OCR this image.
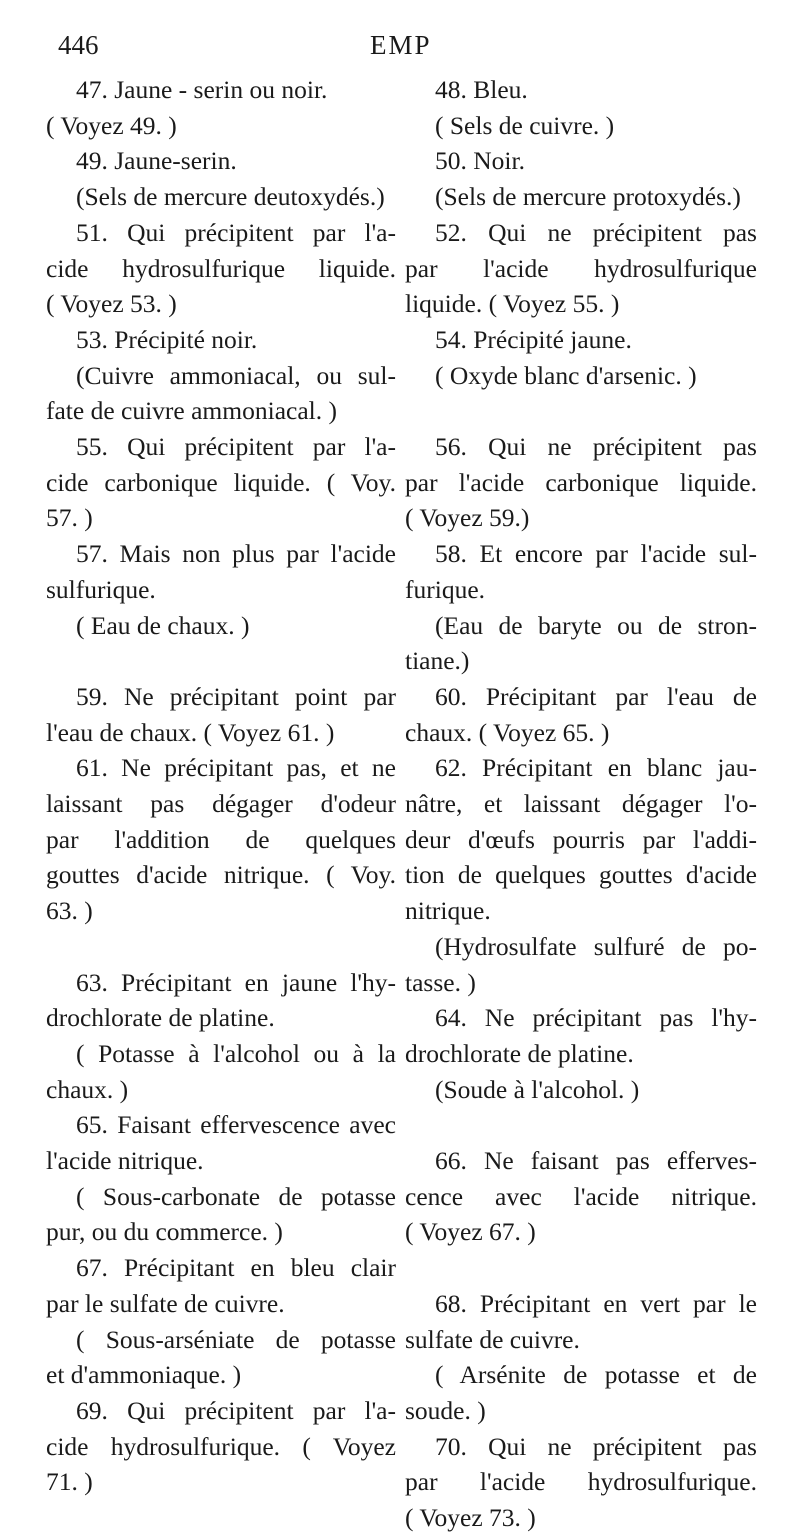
446	EMP
47. Jaune - serin ou noir.
( Voyez 49. )
49. Jaune-serin.
(Sels de mercure deutoxydés.)
51. Qui précipitent par l'a-
cide hydrosulfurique liquide.
( Voyez 53. )
53. Précipité noir.
(Cuivre ammoniacal, ou sul-
fate de cuivre ammoniacal. )
55. Qui précipitent par l'a-
cide carbonique liquide. ( Voy.
57. )
57. Mais non plus par l'acide
sulfurique.
( Eau de chaux. )
59. Ne précipitant point par
l'eau de chaux. ( Voyez 61. )
61. Ne précipitant pas, et ne
laissant pas dégager d'odeur
par l'addition de quelques
gouttes d'acide nitrique. ( Voy.
63. )
63. Précipitant en jaune l'hy-
drochlorate de platine.
( Potasse à l'alcohol ou à la
chaux. )
65. Faisant effervescence avec
l'acide nitrique.
( Sous-carbonate de potasse
pur, ou du commerce. )
67. Précipitant en bleu clair
par le sulfate de cuivre.
( Sous-arséniate de potasse
et d'ammoniaque. )
69. Qui précipitent par l'a-
cide hydrosulfurique. ( Voyez
71. )
48. Bleu.
( Sels de cuivre. )
50. Noir.
(Sels de mercure protoxydés.)
52. Qui ne précipitent pas
par l'acide hydrosulfurique
liquide. ( Voyez 55. )
54. Précipité jaune.
( Oxyde blanc d'arsenic. )
56. Qui ne précipitent pas
par l'acide carbonique liquide.
( Voyez 59.)
58. Et encore par l'acide sul-
furique.
(Eau de baryte ou de stron-
tiane.)
60. Précipitant par l'eau de
chaux. ( Voyez 65. )
62. Précipitant en blanc jau-
nâtre, et laissant dégager l'o-
deur d'œufs pourris par l'addi-
tion de quelques gouttes d'acide
nitrique.
(Hydrosulfate sulfuré de po-
tasse. )
64. Ne précipitant pas l'hy-
drochlorate de platine.
(Soude à l'alcohol. )
66. Ne faisant pas efferves-
cence avec l'acide nitrique.
( Voyez 67. )
68. Précipitant en vert par le
sulfate de cuivre.
( Arsénite de potasse et de
soude. )
70. Qui ne précipitent pas
par l'acide hydrosulfurique.
( Voyez 73. )
